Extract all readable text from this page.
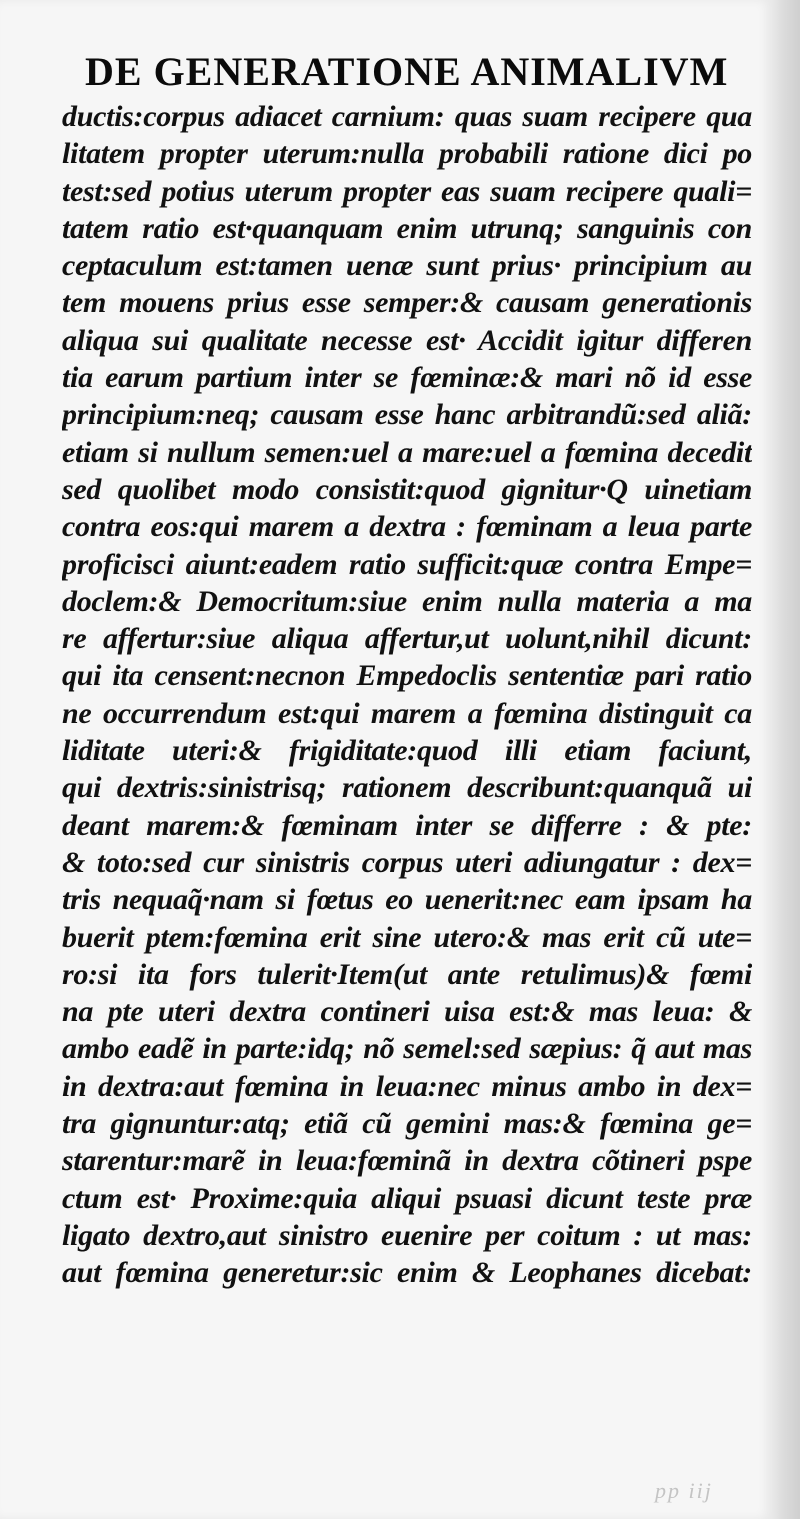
DE GENERATIONE ANIMALIVM
ductis:corpus adiacet carnium: quas suam recipere qua
litatem propter uterum:nulla probabili ratione dici po
test:sed potius uterum propter eas suam recipere quali=
tatem ratio est·quanquam enim utrunq; sanguinis con
ceptaculum est:tamen uenæ sunt prius· principium au
tem mouens prius esse semper:& causam generationis
aliqua sui qualitate necesse est· Accidit igitur differen
tia earum partium inter se fœminæ:& mari nõ id esse
principium:neq; causam esse hanc arbitrandũ:sed aliã:
etiam si nullum semen:uel a mare:uel a fœmina decedit
sed quolibet modo consistit:quod gignitur·Q uinetiam
contra eos:qui marem a dextra : fœminam a leua parte
proficisci aiunt:eadem ratio sufficit:quæ contra Empe=
doclem:& Democritum:siue enim nulla materia a ma
re affertur:siue aliqua affertur,ut uolunt,nihil dicunt:
qui ita censent:necnon Empedoclis sententiæ pari ratio
ne occurrendum est:qui marem a fœmina distinguit ca
liditate uteri:& frigiditate:quod illi etiam faciunt,
qui dextris:sinistrisq; rationem describunt:quanquã ui
deant marem:& fœminam inter se differre : & pte:
& toto:sed cur sinistris corpus uteri adiungatur : dex=
tris nequaq̃·nam si fœtus eo uenerit:nec eam ipsam ha
buerit ptem:fœmina erit sine utero:& mas erit cũ ute=
ro:si ita fors tulerit·Item(ut ante retulimus)& fœmi
na pte uteri dextra contineri uisa est:& mas leua: &
ambo eadẽ in parte:idq; nõ semel:sed sæpius: q̃ aut mas
in dextra:aut fœmina in leua:nec minus ambo in dex=
tra gignuntur:atq; etiã cũ gemini mas:& fœmina ge=
starentur:marẽ in leua:fœminã in dextra cõtineri pspe
ctum est· Proxime:quia aliqui psuasi dicunt teste præ
ligato dextro,aut sinistro euenire per coitum : ut mas:
aut fœmina generetur:sic enim & Leophanes dicebat:
pp iij
